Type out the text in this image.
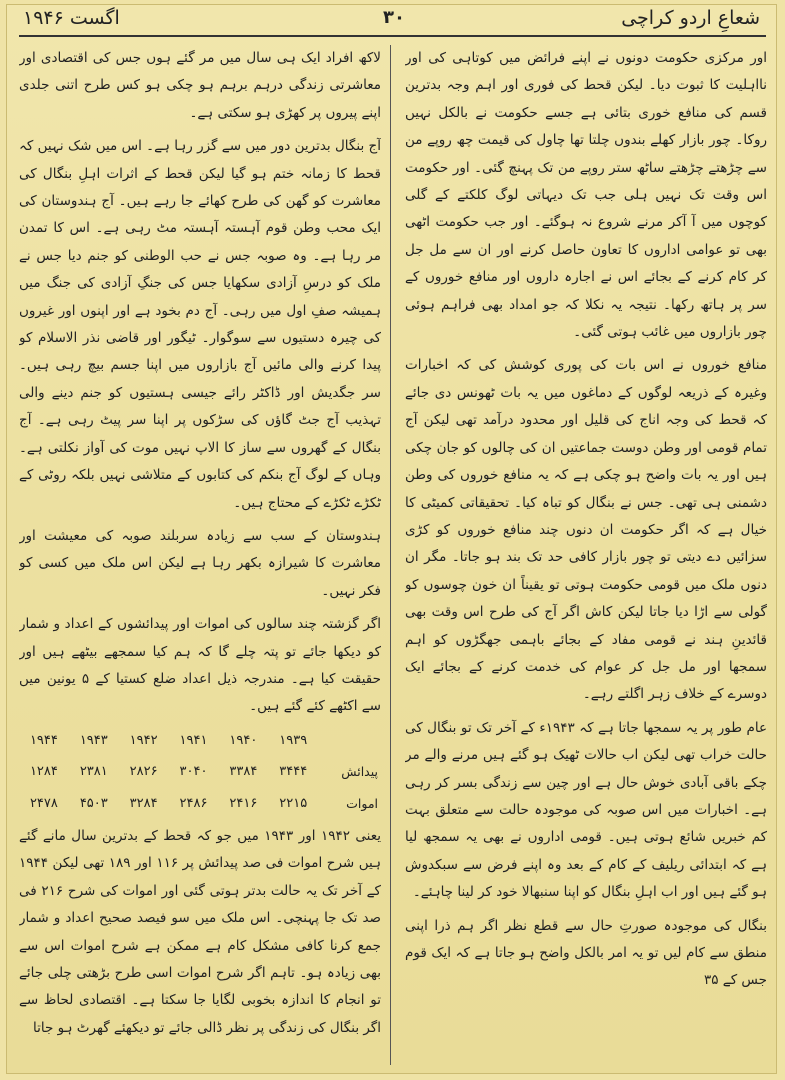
شعاعِ اردو کراچی
۳۰
اگست ۱۹۴۶

اور مرکزی حکومت دونوں نے اپنے فرائض میں کوتاہی کی اور نااہلیت کا ثبوت دیا۔ لیکن قحط کی فوری اور اہم وجہ بدترین قسم کی منافع خوری بتائی ہے جسے حکومت نے بالکل نہیں روکا۔ چور بازار کھلے بندوں چلتا تھا چاول کی قیمت چھ روپے من سے چڑھتے چڑھتے ساٹھ ستر روپے من تک پہنچ گئی۔ اور حکومت اس وقت تک نہیں ہلی جب تک دیہاتی لوگ کلکتے کے گلی کوچوں میں آ آکر مرنے شروع نہ ہوگئے۔ اور جب حکومت اٹھی بھی تو عوامی اداروں کا تعاون حاصل کرنے اور ان سے مل جل کر کام کرنے کے بجائے اس نے اجارہ داروں اور منافع خوروں کے سر پر ہاتھ رکھا۔ نتیجہ یہ نکلا کہ جو امداد بھی فراہم ہوئی چور بازاروں میں غائب ہوتی گئی۔

منافع خوروں نے اس بات کی پوری کوشش کی کہ اخبارات وغیرہ کے ذریعہ لوگوں کے دماغوں میں یہ بات ٹھونس دی جائے کہ قحط کی وجہ اناج کی قلیل اور محدود درآمد تھی لیکن آج تمام قومی اور وطن دوست جماعتیں ان کی چالوں کو جان چکی ہیں اور یہ بات واضح ہو چکی ہے کہ یہ منافع خوروں کی وطن دشمنی ہی تھی۔ جس نے بنگال کو تباہ کیا۔ تحقیقاتی کمیٹی کا خیال ہے کہ اگر حکومت ان دنوں چند منافع خوروں کو کڑی سزائیں دے دیتی تو چور بازار کافی حد تک بند ہو جاتا۔ مگر ان دنوں ملک میں قومی حکومت ہوتی تو یقیناً ان خون چوسوں کو گولی سے اڑا دیا جاتا لیکن کاش اگر آج کی طرح اس وقت بھی قائدینِ ہند نے قومی مفاد کے بجائے باہمی جھگڑوں کو اہم سمجھا اور مل جل کر عوام کی خدمت کرنے کے بجائے ایک دوسرے کے خلاف زہر اگلتے رہے۔

عام طور پر یہ سمجھا جاتا ہے کہ ۱۹۴۳ء کے آخر تک تو بنگال کی حالت خراب تھی لیکن اب حالات ٹھیک ہو گئے ہیں مرنے والے مر چکے باقی آبادی خوش حال ہے اور چین سے زندگی بسر کر رہی ہے۔ اخبارات میں اس صوبہ کی موجودہ حالت سے متعلق بہت کم خبریں شائع ہوتی ہیں۔ قومی اداروں نے بھی یہ سمجھ لیا ہے کہ ابتدائی ریلیف کے کام کے بعد وہ اپنے فرض سے سبکدوش ہو گئے ہیں اور اب اہلِ بنگال کو اپنا سنبھالا خود کر لینا چاہئے۔

بنگال کی موجودہ صورتِ حال سے قطع نظر اگر ہم ذرا اپنی منطق سے کام لیں تو یہ امر بالکل واضح ہو جاتا ہے کہ ایک قوم جس کے ۳۵

لاکھ افراد ایک ہی سال میں مر گئے ہوں جس کی اقتصادی اور معاشرتی زندگی درہم برہم ہو چکی ہو کس طرح اتنی جلدی اپنے پیروں پر کھڑی ہو سکتی ہے۔

آج بنگال بدترین دور میں سے گزر رہا ہے۔ اس میں شک نہیں کہ قحط کا زمانہ ختم ہو گیا لیکن قحط کے اثرات اہلِ بنگال کی معاشرت کو گھن کی طرح کھائے جا رہے ہیں۔ آج ہندوستان کی ایک محب وطن قوم آہستہ آہستہ مٹ رہی ہے۔ اس کا تمدن مر رہا ہے۔ وہ صوبہ جس نے حب الوطنی کو جنم دیا جس نے ملک کو درسِ آزادی سکھایا جس کی جنگِ آزادی کی جنگ میں ہمیشہ صفِ اول میں رہی۔ آج دم بخود ہے اور اپنوں اور غیروں کی چیرہ دستیوں سے سوگوار۔ ٹیگور اور قاضی نذر الاسلام کو پیدا کرنے والی مائیں آج بازاروں میں اپنا جسم بیچ رہی ہیں۔ سر جگدیش اور ڈاکٹر رائے جیسی ہستیوں کو جنم دینے والی تہذیب آج جٹ گاؤں کی سڑکوں پر اپنا سر پیٹ رہی ہے۔ آج بنگال کے گھروں سے ساز کا الاپ نہیں موت کی آواز نکلتی ہے۔ وہاں کے لوگ آج بنکم کی کتابوں کے متلاشی نہیں بلکہ روٹی کے ٹکڑے ٹکڑے کے محتاج ہیں۔

ہندوستان کے سب سے زیادہ سربلند صوبہ کی معیشت اور معاشرت کا شیرازہ بکھر رہا ہے لیکن اس ملک میں کسی کو فکر نہیں۔

اگر گزشتہ چند سالوں کی اموات اور پیدائشوں کے اعداد و شمار کو دیکھا جائے تو پتہ چلے گا کہ ہم کیا سمجھے بیٹھے ہیں اور حقیقت کیا ہے۔ مندرجہ ذیل اعداد ضلع کستیا کے ۵ یونین میں سے اکٹھے کئے گئے ہیں۔

۱۹۴۴	۱۹۴۳	۱۹۴۲	۱۹۴۱	۱۹۴۰	۱۹۳۹	
۱۲۸۴	۲۳۸۱	۲۸۲۶	۳۰۴۰	۳۳۸۴	۳۴۴۴	پیدائش
۲۴۷۸	۴۵۰۳	۳۲۸۴	۲۴۸۶	۲۴۱۶	۲۲۱۵	اموات

یعنی ۱۹۴۲ اور ۱۹۴۳ میں جو کہ قحط کے بدترین سال مانے گئے ہیں شرح اموات فی صد پیدائش پر ۱۱۶ اور ۱۸۹ تھی لیکن ۱۹۴۴ کے آخر تک یہ حالت بدتر ہوتی گئی اور اموات کی شرح ۲۱۶ فی صد تک جا پہنچی۔ اس ملک میں سو فیصد صحیح اعداد و شمار جمع کرنا کافی مشکل کام ہے ممکن ہے شرح اموات اس سے بھی زیادہ ہو۔ تاہم اگر شرح اموات اسی طرح بڑھتی چلی جائے تو انجام کا اندازہ بخوبی لگایا جا سکتا ہے۔ اقتصادی لحاظ سے اگر بنگال کی زندگی پر نظر ڈالی جائے تو دیکھئے گھرٹ ہو جاتا
